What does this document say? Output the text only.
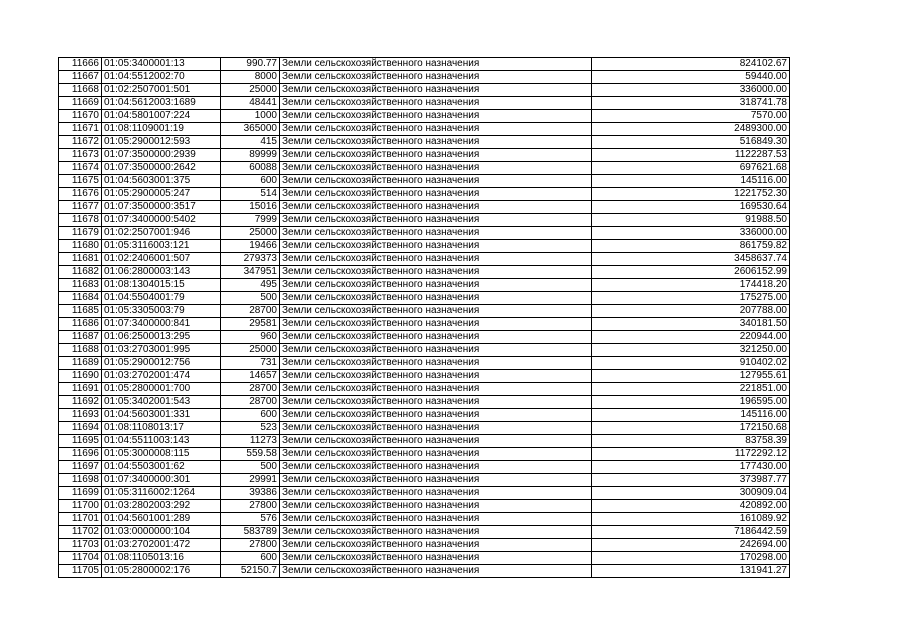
11666	01:05:3400001:13	990.77	Земли сельскохозяйственного назначения	824102.67
11667	01:04:5512002:70	8000	Земли сельскохозяйственного назначения	59440.00
11668	01:02:2507001:501	25000	Земли сельскохозяйственного назначения	336000.00
11669	01:04:5612003:1689	48441	Земли сельскохозяйственного назначения	318741.78
11670	01:04:5801007:224	1000	Земли сельскохозяйственного назначения	7570.00
11671	01:08:1109001:19	365000	Земли сельскохозяйственного назначения	2489300.00
11672	01:05:2900012:593	415	Земли сельскохозяйственного назначения	516849.30
11673	01:07:3500000:2939	89999	Земли сельскохозяйственного назначения	1122287.53
11674	01:07:3500000:2642	60088	Земли сельскохозяйственного назначения	697621.68
11675	01:04:5603001:375	600	Земли сельскохозяйственного назначения	145116.00
11676	01:05:2900005:247	514	Земли сельскохозяйственного назначения	1221752.30
11677	01:07:3500000:3517	15016	Земли сельскохозяйственного назначения	169530.64
11678	01:07:3400000:5402	7999	Земли сельскохозяйственного назначения	91988.50
11679	01:02:2507001:946	25000	Земли сельскохозяйственного назначения	336000.00
11680	01:05:3116003:121	19466	Земли сельскохозяйственного назначения	861759.82
11681	01:02:2406001:507	279373	Земли сельскохозяйственного назначения	3458637.74
11682	01:06:2800003:143	347951	Земли сельскохозяйственного назначения	2606152.99
11683	01:08:1304015:15	495	Земли сельскохозяйственного назначения	174418.20
11684	01:04:5504001:79	500	Земли сельскохозяйственного назначения	175275.00
11685	01:05:3305003:79	28700	Земли сельскохозяйственного назначения	207788.00
11686	01:07:3400000:841	29581	Земли сельскохозяйственного назначения	340181.50
11687	01:06:2500013:295	960	Земли сельскохозяйственного назначения	220944.00
11688	01:03:2703001:995	25000	Земли сельскохозяйственного назначения	321250.00
11689	01:05:2900012:756	731	Земли сельскохозяйственного назначения	910402.02
11690	01:03:2702001:474	14657	Земли сельскохозяйственного назначения	127955.61
11691	01:05:2800001:700	28700	Земли сельскохозяйственного назначения	221851.00
11692	01:05:3402001:543	28700	Земли сельскохозяйственного назначения	196595.00
11693	01:04:5603001:331	600	Земли сельскохозяйственного назначения	145116.00
11694	01:08:1108013:17	523	Земли сельскохозяйственного назначения	172150.68
11695	01:04:5511003:143	11273	Земли сельскохозяйственного назначения	83758.39
11696	01:05:3000008:115	559.58	Земли сельскохозяйственного назначения	1172292.12
11697	01:04:5503001:62	500	Земли сельскохозяйственного назначения	177430.00
11698	01:07:3400000:301	29991	Земли сельскохозяйственного назначения	373987.77
11699	01:05:3116002:1264	39386	Земли сельскохозяйственного назначения	300909.04
11700	01:03:2802003:292	27800	Земли сельскохозяйственного назначения	420892.00
11701	01:04:5601001:289	576	Земли сельскохозяйственного назначения	161089.92
11702	01:03:0000000:104	583789	Земли сельскохозяйственного назначения	7186442.59
11703	01:03:2702001:472	27800	Земли сельскохозяйственного назначения	242694.00
11704	01:08:1105013:16	600	Земли сельскохозяйственного назначения	170298.00
11705	01:05:2800002:176	52150.7	Земли сельскохозяйственного назначения	131941.27
